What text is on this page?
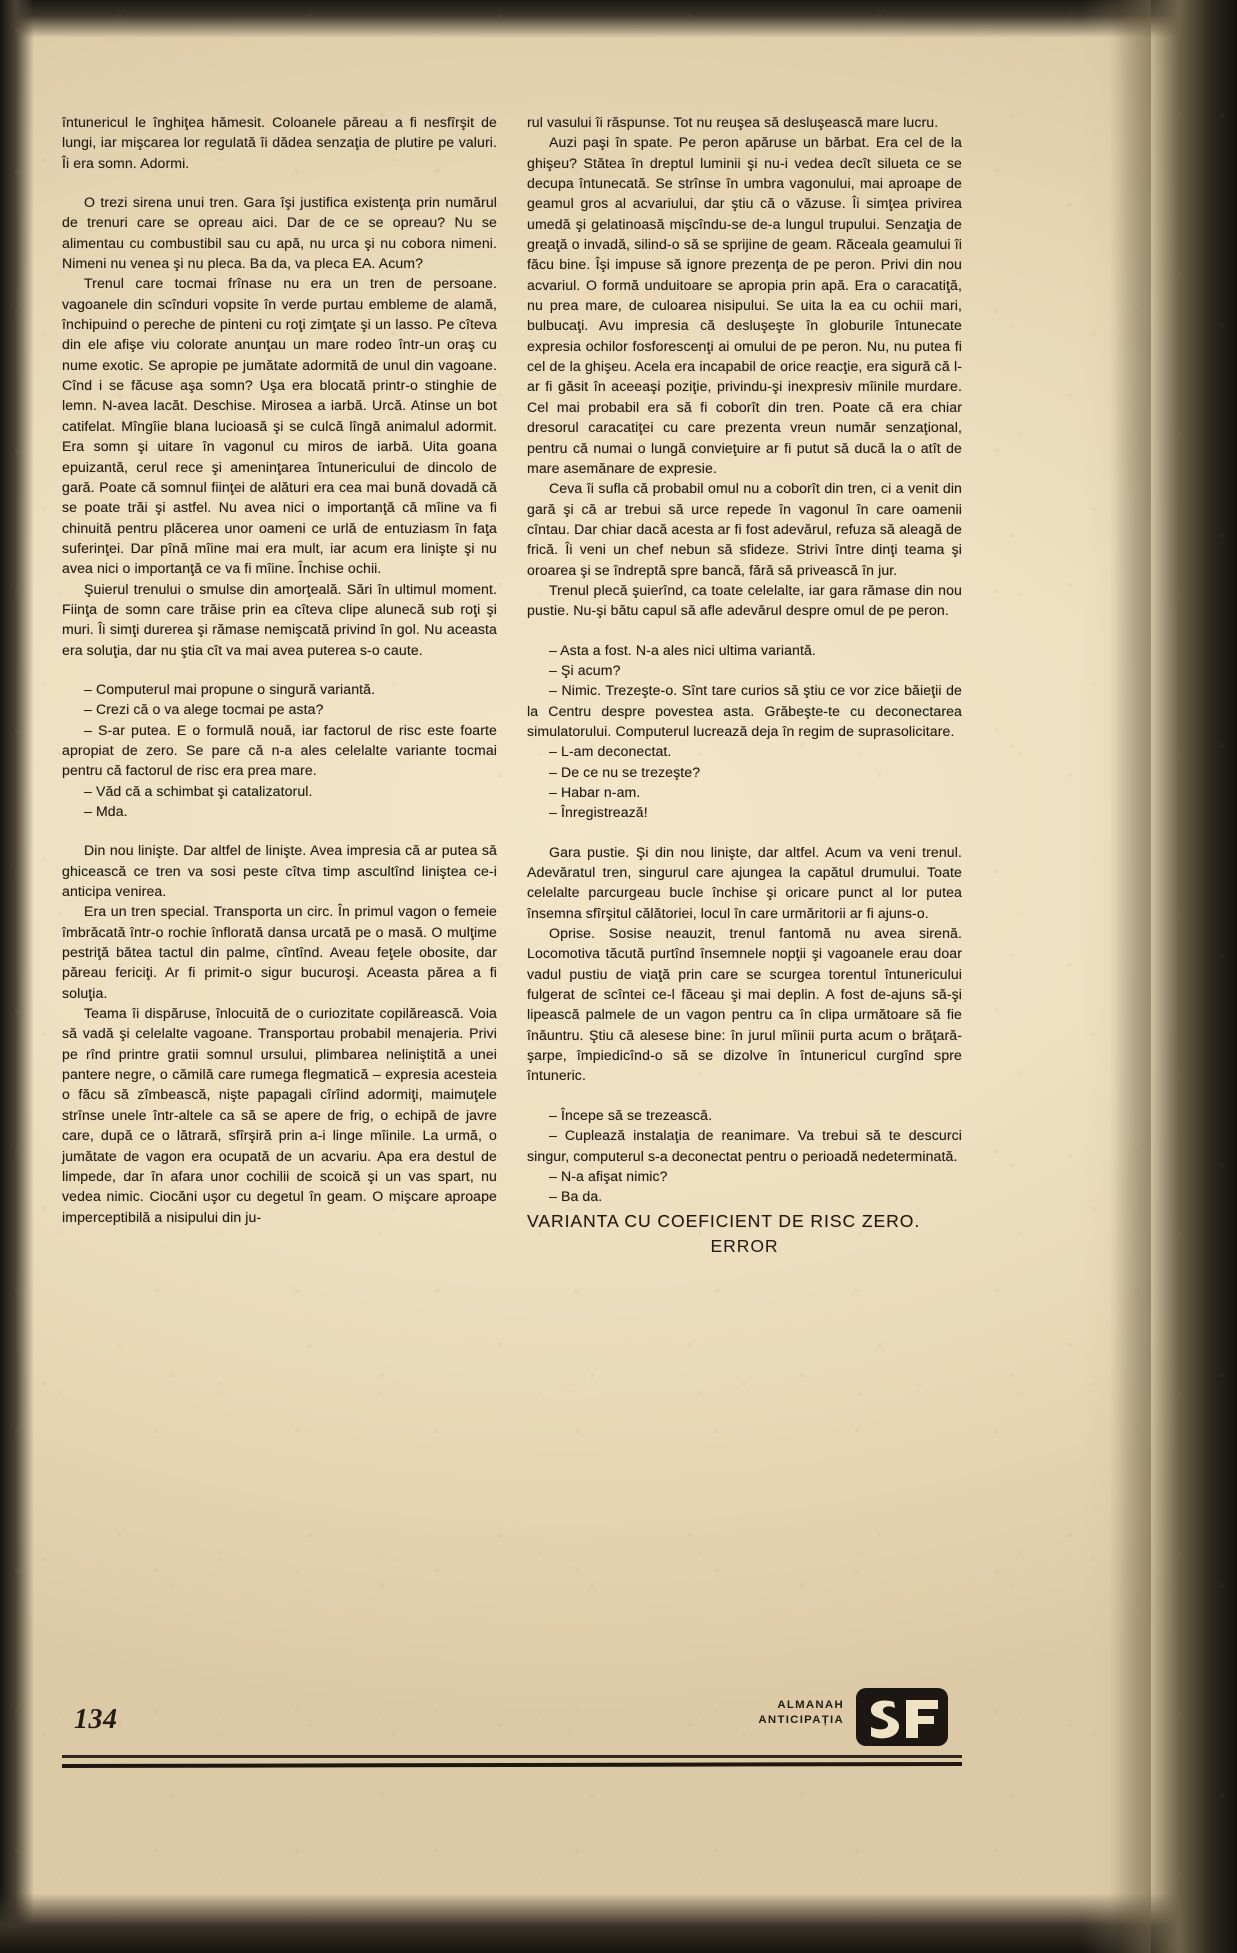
întunericul le înghiţea hămesit. Coloanele păreau a fi nesfîrşit de lungi, iar mişcarea lor regulată îi dădea senzaţia de plutire pe valuri. Îi era somn. Adormi.

O trezi sirena unui tren. Gara îşi justifica existenţa prin numărul de trenuri care se opreau aici. Dar de ce se opreau? Nu se alimentau cu combustibil sau cu apă, nu urca şi nu cobora nimeni. Nimeni nu venea şi nu pleca. Ba da, va pleca EA. Acum?

Trenul care tocmai frînase nu era un tren de persoane. vagoanele din scînduri vopsite în verde purtau embleme de alamă, închipuind o pereche de pinteni cu roţi zimţate şi un lasso. Pe cîteva din ele afişe viu colorate anunţau un mare rodeo într-un oraş cu nume exotic. Se apropie pe jumătate adormită de unul din vagoane. Cînd i se făcuse aşa somn? Uşa era blocată printr-o stinghie de lemn. N-avea lacăt. Deschise. Mirosea a iarbă. Urcă. Atinse un bot catifelat. Mîngîie blana lucioasă şi se culcă lîngă animalul adormit. Era somn şi uitare în vagonul cu miros de iarbă. Uita goana epuizantă, cerul rece şi ameninţarea întunericului de dincolo de gară. Poate că somnul fiinţei de alături era cea mai bună dovadă că se poate trăi şi astfel. Nu avea nici o importanţă că mîine va fi chinuită pentru plăcerea unor oameni ce urlă de entuziasm în faţa suferinţei. Dar pînă mîine mai era mult, iar acum era linişte şi nu avea nici o importanţă ce va fi mîine. Închise ochii.

Şuierul trenului o smulse din amorţeală. Sări în ultimul moment. Fiinţa de somn care trăise prin ea cîteva clipe alunecă sub roţi şi muri. Îi simţi durerea şi rămase nemişcată privind în gol. Nu aceasta era soluţia, dar nu ştia cît va mai avea puterea s-o caute.

– Computerul mai propune o singură variantă.

– Crezi că o va alege tocmai pe asta?

– S-ar putea. E o formulă nouă, iar factorul de risc este foarte apropiat de zero. Se pare că n-a ales celelalte variante tocmai pentru că factorul de risc era prea mare.

– Văd că a schimbat şi catalizatorul.

– Mda.

Din nou linişte. Dar altfel de linişte. Avea impresia că ar putea să ghicească ce tren va sosi peste cîtva timp ascultînd liniştea ce-i anticipa venirea.

Era un tren special. Transporta un circ. În primul vagon o femeie îmbrăcată într-o rochie înflorată dansa urcată pe o masă. O mulţime pestriţă bătea tactul din palme, cîntînd. Aveau feţele obosite, dar păreau fericiţi. Ar fi primit-o sigur bucuroşi. Aceasta părea a fi soluţia.

Teama îi dispăruse, înlocuită de o curiozitate copilărească. Voia să vadă şi celelalte vagoane. Transportau probabil menajeria. Privi pe rînd printre gratii somnul ursului, plimbarea neliniştită a unei pantere negre, o cămilă care rumega flegmatică – expresia acesteia o făcu să zîmbească, nişte papagali cîrîind adormiţi, maimuţele strînse unele într-altele ca să se apere de frig, o echipă de javre care, după ce o lătrară, sfîrşiră prin a-i linge mîinile. La urmă, o jumătate de vagon era ocupată de un acvariu. Apa era destul de limpede, dar în afara unor cochilii de scoică şi un vas spart, nu vedea nimic. Ciocăni uşor cu degetul în geam. O mişcare aproape imperceptibilă a nisipului din ju-

rul vasului îi răspunse. Tot nu reuşea să desluşească mare lucru.

Auzi paşi în spate. Pe peron apăruse un bărbat. Era cel de la ghişeu? Stătea în dreptul luminii şi nu-i vedea decît silueta ce se decupa întunecată. Se strînse în umbra vagonului, mai aproape de geamul gros al acvariului, dar ştiu că o văzuse. Îi simţea privirea umedă şi gelatinoasă mişcîndu-se de-a lungul trupului. Senzaţia de greaţă o invadă, silind-o să se sprijine de geam. Răceala geamului îi făcu bine. Îşi impuse să ignore prezenţa de pe peron. Privi din nou acvariul. O formă unduitoare se apropia prin apă. Era o caracatiţă, nu prea mare, de culoarea nisipului. Se uita la ea cu ochii mari, bulbucaţi. Avu impresia că desluşeşte în globurile întunecate expresia ochilor fosforescenţi ai omului de pe peron. Nu, nu putea fi cel de la ghişeu. Acela era incapabil de orice reacţie, era sigură că l-ar fi găsit în aceeaşi poziţie, privindu-şi inexpresiv mîinile murdare. Cel mai probabil era să fi coborît din tren. Poate că era chiar dresorul caracatiţei cu care prezenta vreun număr senzaţional, pentru că numai o lungă convieţuire ar fi putut să ducă la o atît de mare asemănare de expresie.

Ceva îi sufla că probabil omul nu a coborît din tren, ci a venit din gară şi că ar trebui să urce repede în vagonul în care oamenii cîntau. Dar chiar dacă acesta ar fi fost adevărul, refuza să aleagă de frică. Îi veni un chef nebun să sfideze. Strivi între dinţi teama şi oroarea şi se îndreptă spre bancă, fără să privească în jur.

Trenul plecă şuierînd, ca toate celelalte, iar gara rămase din nou pustie. Nu-şi bătu capul să afle adevărul despre omul de pe peron.

– Asta a fost. N-a ales nici ultima variantă.

– Şi acum?

– Nimic. Trezeşte-o. Sînt tare curios să ştiu ce vor zice băieţii de la Centru despre povestea asta. Grăbeşte-te cu deconectarea simulatorului. Computerul lucrează deja în regim de suprasolicitare.

– L-am deconectat.

– De ce nu se trezeşte?

– Habar n-am.

– Înregistrează!

Gara pustie. Şi din nou linişte, dar altfel. Acum va veni trenul. Adevăratul tren, singurul care ajungea la capătul drumului. Toate celelalte parcurgeau bucle închise şi oricare punct al lor putea însemna sfîrşitul călătoriei, locul în care urmăritorii ar fi ajuns-o.

Oprise. Sosise neauzit, trenul fantomă nu avea sirenă. Locomotiva tăcută purtînd însemnele nopţii şi vagoanele erau doar vadul pustiu de viaţă prin care se scurgea torentul întunericului fulgerat de scîntei ce-l făceau şi mai deplin. A fost de-ajuns să-şi lipească palmele de un vagon pentru ca în clipa următoare să fie înăuntru. Ştiu că alesese bine: în jurul mîinii purta acum o brăţară-şarpe, împiedicînd-o să se dizolve în întunericul curgînd spre întuneric.

– Începe să se trezească.

– Cuplează instalaţia de reanimare. Va trebui să te descurci singur, computerul s-a deconectat pentru o perioadă nedeterminată.

– N-a afişat nimic?

– Ba da.

VARIANTA CU COEFICIENT DE RISC ZERO.
ERROR
134	ALMANAH
ANTICIPAȚIA
